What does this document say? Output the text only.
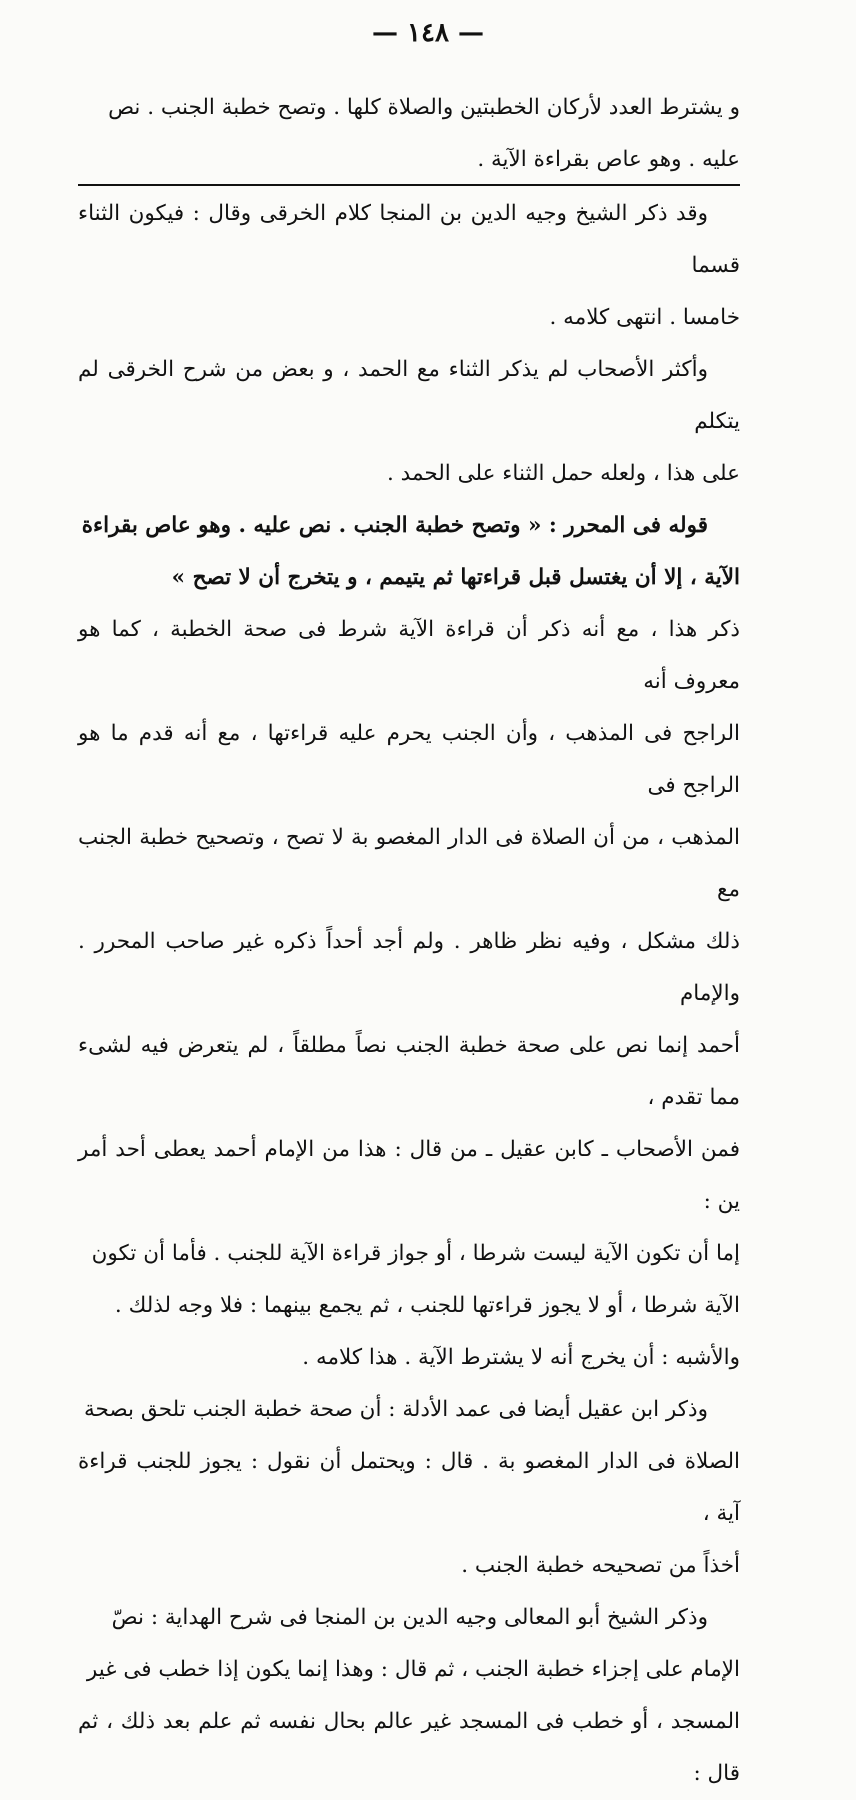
— ١٤٨ —

و يشترط العدد لأركان الخطبتين والصلاة كلها . وتصح خطبة الجنب . نص

عليه . وهو عاص بقراءة الآية .

وقد ذكر الشيخ وجيه الدين بن المنجا كلام الخرقى وقال : فيكون الثناء قسما

خامسا . انتهى كلامه .

وأكثر الأصحاب لم يذكر الثناء مع الحمد ، و بعض من شرح الخرقى لم يتكلم

على هذا ، ولعله حمل الثناء على الحمد .

قوله فى المحرر : « وتصح خطبة الجنب . نص عليه . وهو عاص بقراءة

الآية ، إلا أن يغتسل قبل قراءتها ثم يتيمم ، و يتخرج أن لا تصح »

ذكر هذا ، مع أنه ذكر أن قراءة الآية شرط فى صحة الخطبة ، كما هو معروف أنه

الراجح فى المذهب ، وأن الجنب يحرم عليه قراءتها ، مع أنه قدم ما هو الراجح فى

المذهب ، من أن الصلاة فى الدار المغصو بة لا تصح ، وتصحيح خطبة الجنب مع

ذلك مشكل ، وفيه نظر ظاهر . ولم أجد أحداً ذكره غير صاحب المحرر . والإمام

أحمد إنما نص على صحة خطبة الجنب نصاً مطلقاً ، لم يتعرض فيه لشىء مما تقدم ،

فمن الأصحاب ـ كابن عقيل ـ من قال : هذا من الإمام أحمد يعطى أحد أمر ين :

إما أن تكون الآية ليست شرطا ، أو جواز قراءة الآية للجنب . فأما أن تكون

الآية شرطا ، أو لا يجوز قراءتها للجنب ، ثم يجمع بينهما : فلا وجه لذلك .

والأشبه : أن يخرج أنه لا يشترط الآية . هذا كلامه .

وذكر ابن عقيل أيضا فى عمد الأدلة : أن صحة خطبة الجنب تلحق بصحة

الصلاة فى الدار المغصو بة . قال : ويحتمل أن نقول : يجوز للجنب قراءة آية ،

أخذاً من تصحيحه خطبة الجنب .

وذكر الشيخ أبو المعالى وجيه الدين بن المنجا فى شرح الهداية : نصّ

الإمام على إجزاء خطبة الجنب ، ثم قال : وهذا إنما يكون إذا خطب فى غير

المسجد ، أو خطب فى المسجد غير عالم بحال نفسه ثم علم بعد ذلك ، ثم قال :
